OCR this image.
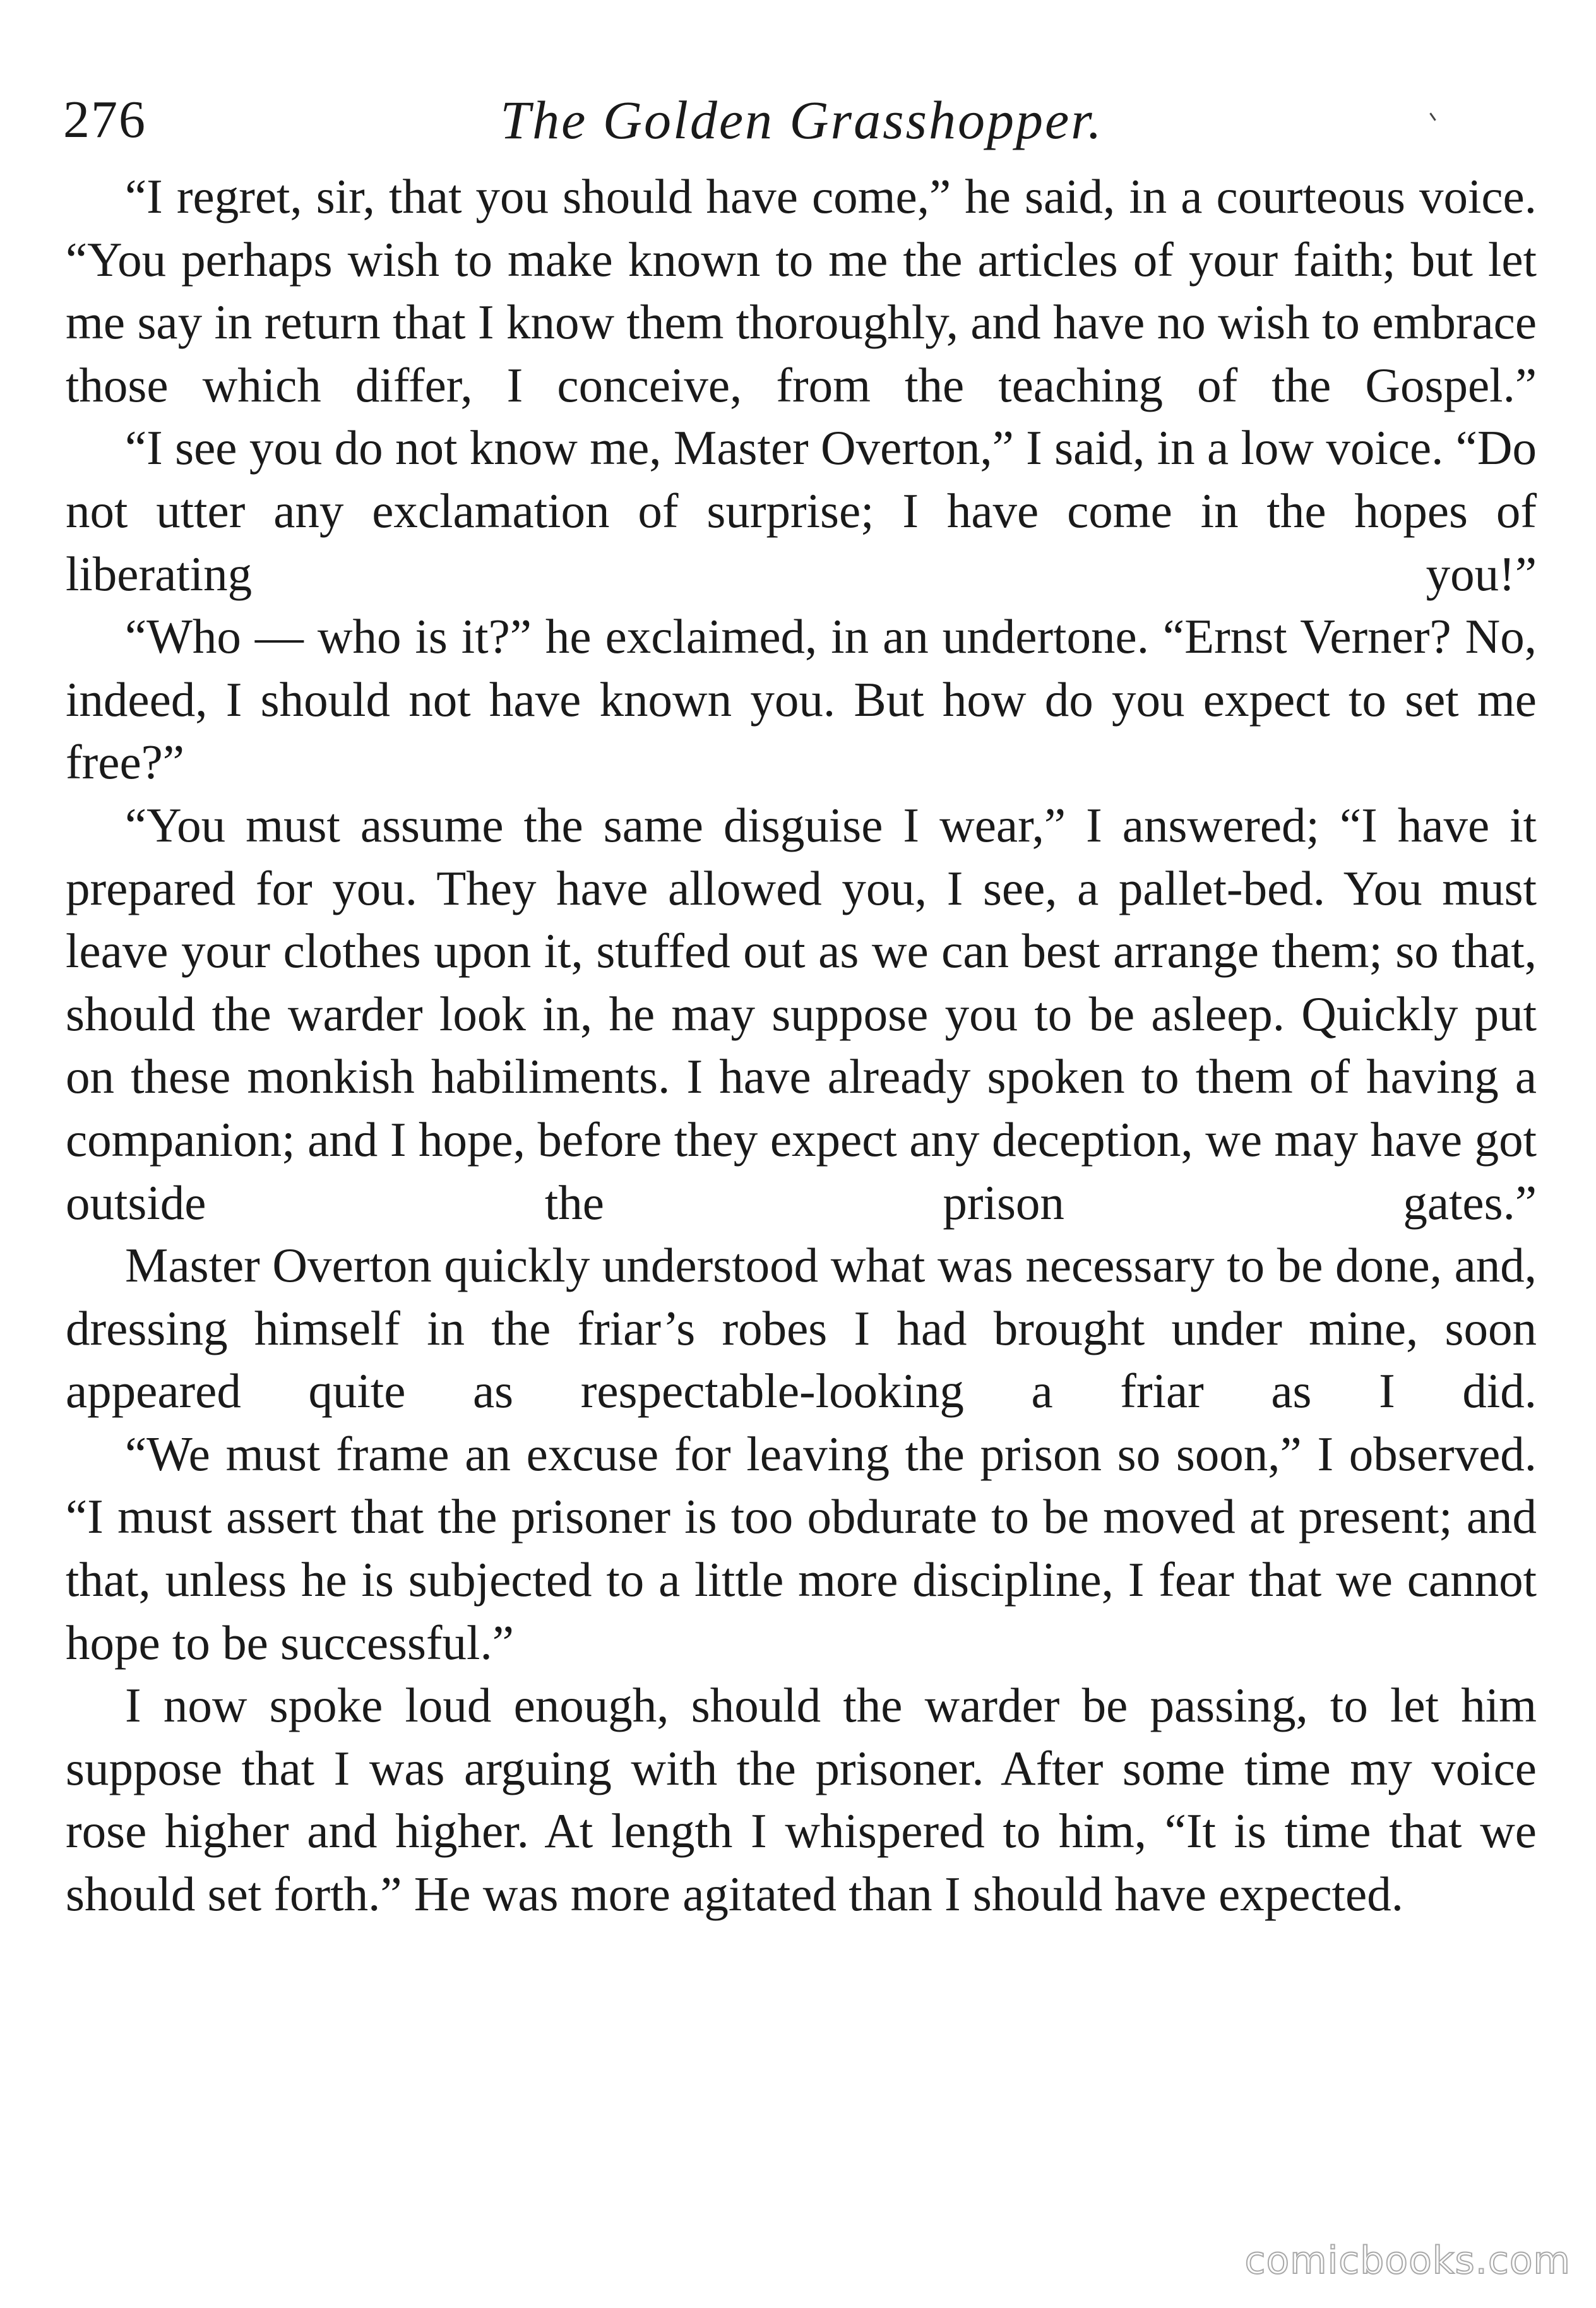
276	The Golden Grasshopper.

“I regret, sir, that you should have come,” he said, in a courteous voice. “You perhaps wish to make known to me the articles of your faith; but let me say in return that I know them thoroughly, and have no wish to embrace those which differ, I conceive, from the teaching of the Gospel.”

“I see you do not know me, Master Overton,” I said, in a low voice. “Do not utter any exclamation of surprise; I have come in the hopes of liberating you!”

“Who — who is it?” he exclaimed, in an undertone. “Ernst Verner? No, indeed, I should not have known you. But how do you expect to set me free?”

“You must assume the same disguise I wear,” I answered; “I have it prepared for you. They have allowed you, I see, a pallet-bed. You must leave your clothes upon it, stuffed out as we can best arrange them; so that, should the warder look in, he may suppose you to be asleep. Quickly put on these monkish habiliments. I have already spoken to them of having a companion; and I hope, before they expect any deception, we may have got outside the prison gates.”

Master Overton quickly understood what was necessary to be done, and, dressing himself in the friar’s robes I had brought under mine, soon appeared quite as respectable-looking a friar as I did.

“We must frame an excuse for leaving the prison so soon,” I observed. “I must assert that the prisoner is too obdurate to be moved at present; and that, unless he is subjected to a little more discipline, I fear that we cannot hope to be successful.”

I now spoke loud enough, should the warder be passing, to let him suppose that I was arguing with the prisoner. After some time my voice rose higher and higher. At length I whispered to him, “It is time that we should set forth.” He was more agitated than I should have expected.

comicbooks.com
